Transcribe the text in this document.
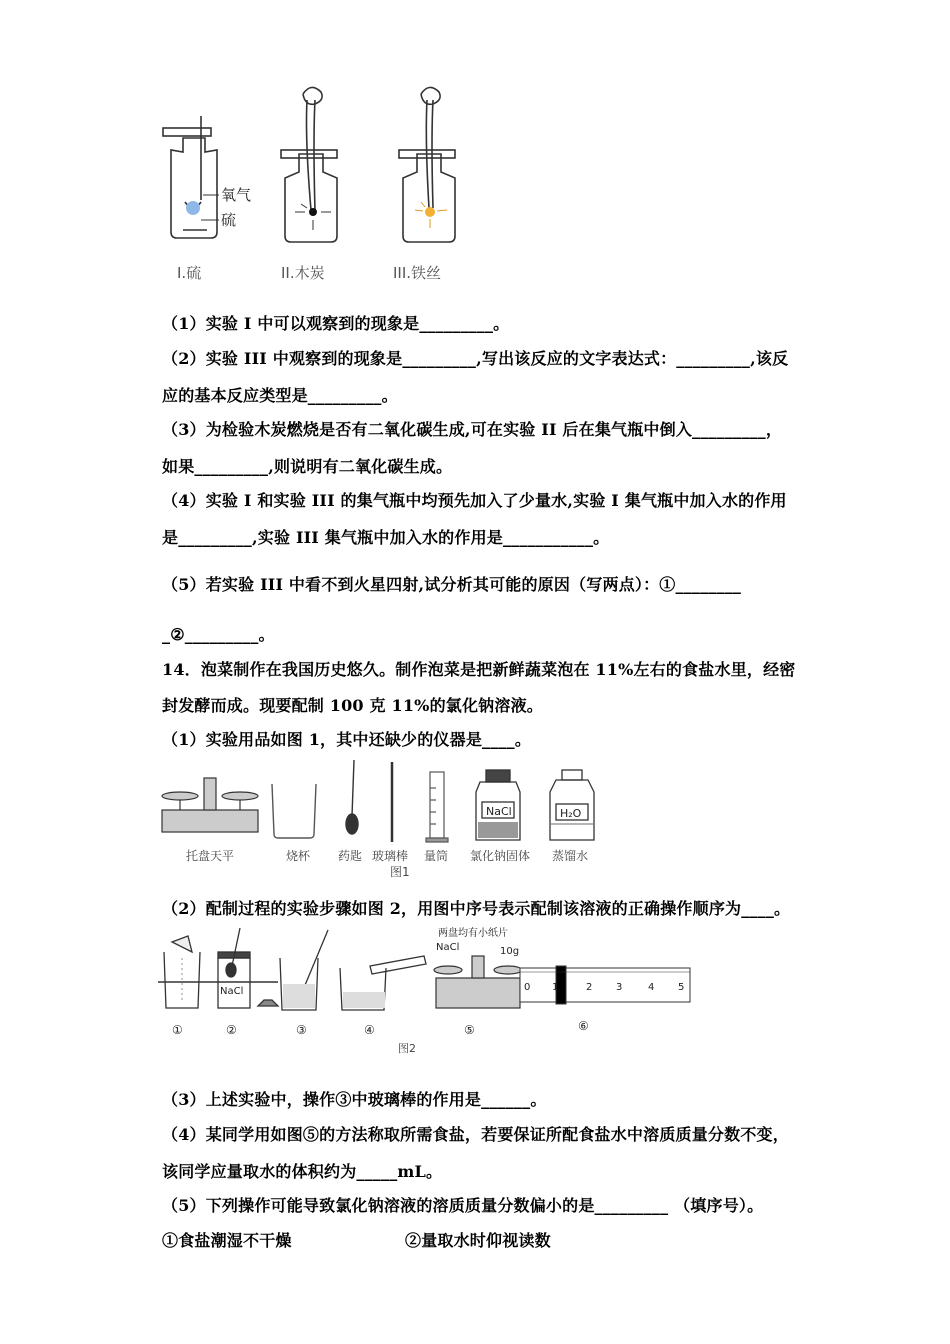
氧气
硫
I.硫	II.木炭	III.铁丝
（1）实验 I 中可以观察到的现象是_________。
（2）实验 III 中观察到的现象是_________,写出该反应的文字表达式：_________,该反
应的基本反应类型是_________。
（3）为检验木炭燃烧是否有二氧化碳生成,可在实验 II 后在集气瓶中倒入_________，
如果_________,则说明有二氧化碳生成。
（4）实验 I 和实验 III 的集气瓶中均预先加入了少量水,实验 I 集气瓶中加入水的作用
是_________,实验 III 集气瓶中加入水的作用是___________。
（5）若实验 III 中看不到火星四射,试分析其可能的原因（写两点）：①________
_②_________。
14．泡菜制作在我国历史悠久。制作泡菜是把新鲜蔬菜泡在 11%左右的食盐水里，经密
封发酵而成。现要配制 100 克 11%的氯化钠溶液。
（1）实验用品如图 1，其中还缺少的仪器是____。
NaCl	H₂O
托盘天平	烧杯 药匙 玻璃棒 量筒 氯化钠固体 蒸馏水
图1
（2）配制过程的实验步骤如图 2，用图中序号表示配制该溶液的正确操作顺序为____。
NaCl
两盘均有小纸片
NaCl	10g
0 1	2 3	4 5
①	②	③	④	⑤	⑥
图2
（3）上述实验中，操作③中玻璃棒的作用是______。
（4）某同学用如图⑤的方法称取所需食盐，若要保证所配食盐水中溶质质量分数不变，
该同学应量取水的体积约为_____mL。
（5）下列操作可能导致氯化钠溶液的溶质质量分数偏小的是_________ （填序号）。
①食盐潮湿不干燥	②量取水时仰视读数
